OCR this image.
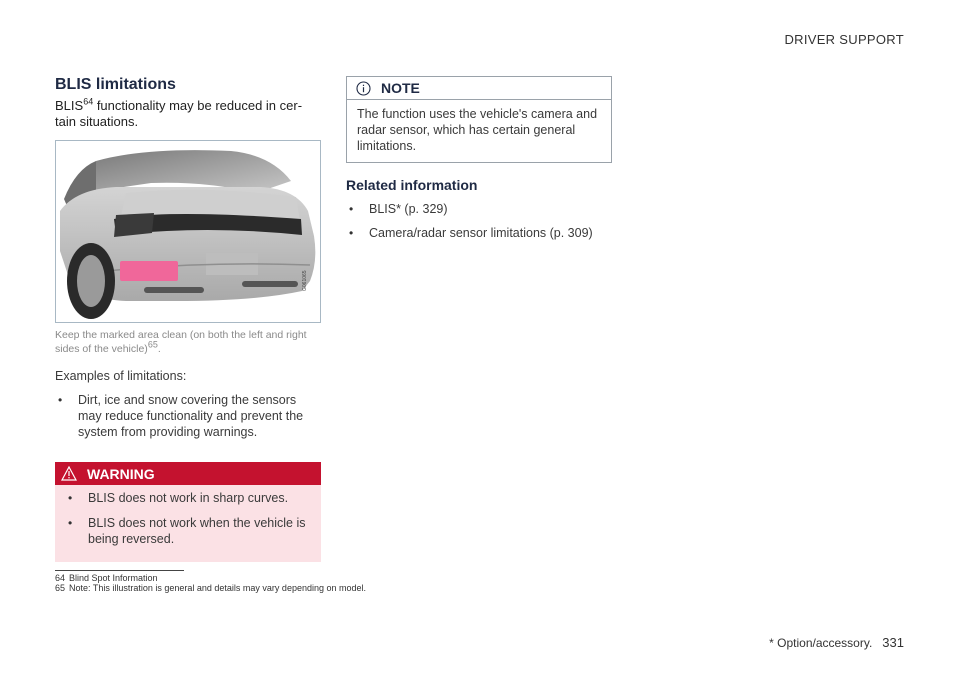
DRIVER SUPPORT
BLIS limitations

BLIS$^{64}$ functionality may be reduced in cer-tain situations.

G061065
Keep the marked area clean (on both the left and right sides of the vehicle)$^{65}$.
Examples of limitations:
• Dirt, ice and snow covering the sensors may reduce functionality and prevent the system from providing warnings.
WARNING
• BLIS does not work in sharp curves.
• BLIS does not work when the vehicle is being reversed.
NOTE
The function uses the vehicle's camera and radar sensor, which has certain general limitations.
Related information
• BLIS* (p. 329)
• Camera/radar sensor limitations (p. 309)
64 Blind Spot Information
65 Note: This illustration is general and details may vary depending on model.
* Option/accessory. 331
